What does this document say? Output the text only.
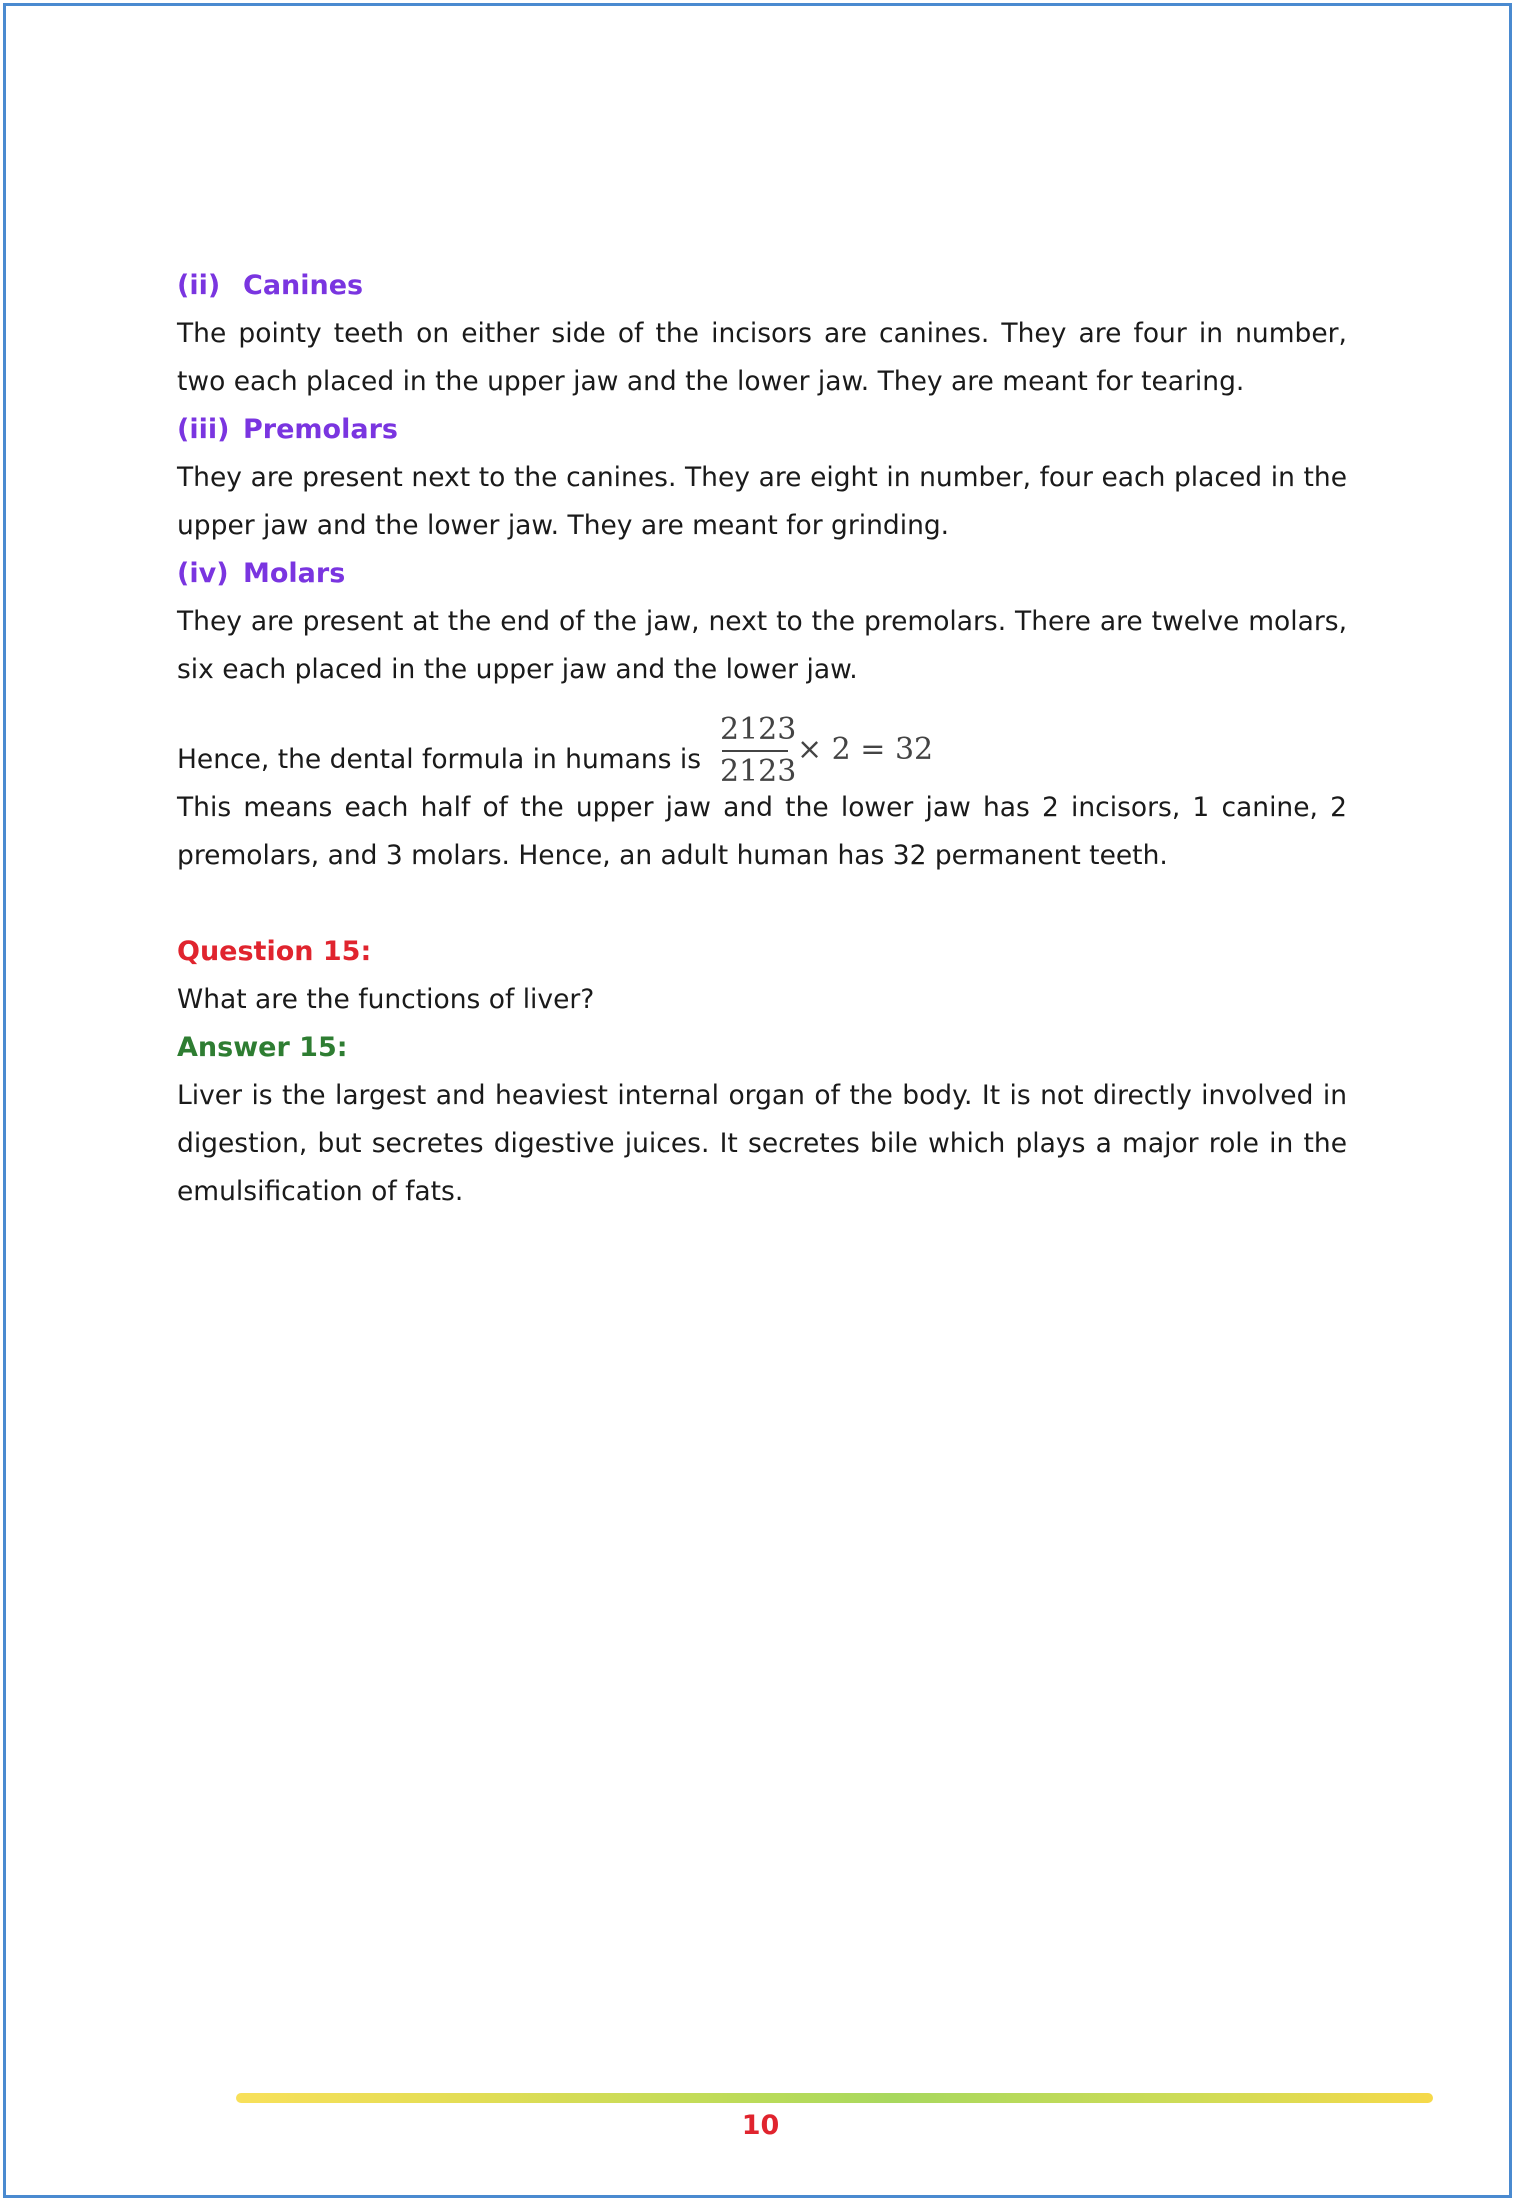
(ii) Canines

The pointy teeth on either side of the incisors are canines. They are four in number, two each placed in the upper jaw and the lower jaw. They are meant for tearing.

(iii) Premolars

They are present next to the canines. They are eight in number, four each placed in the upper jaw and the lower jaw. They are meant for grinding.

(iv) Molars

They are present at the end of the jaw, next to the premolars. There are twelve molars, six each placed in the upper jaw and the lower jaw.

Hence, the dental formula in humans is
2123
2123
× 2 = 32

This means each half of the upper jaw and the lower jaw has 2 incisors, 1 canine, 2 premolars, and 3 molars. Hence, an adult human has 32 permanent teeth.

Question 15:

What are the functions of liver?

Answer 15:

Liver is the largest and heaviest internal organ of the body. It is not directly involved in digestion, but secretes digestive juices. It secretes bile which plays a major role in the emulsification of fats.

10
